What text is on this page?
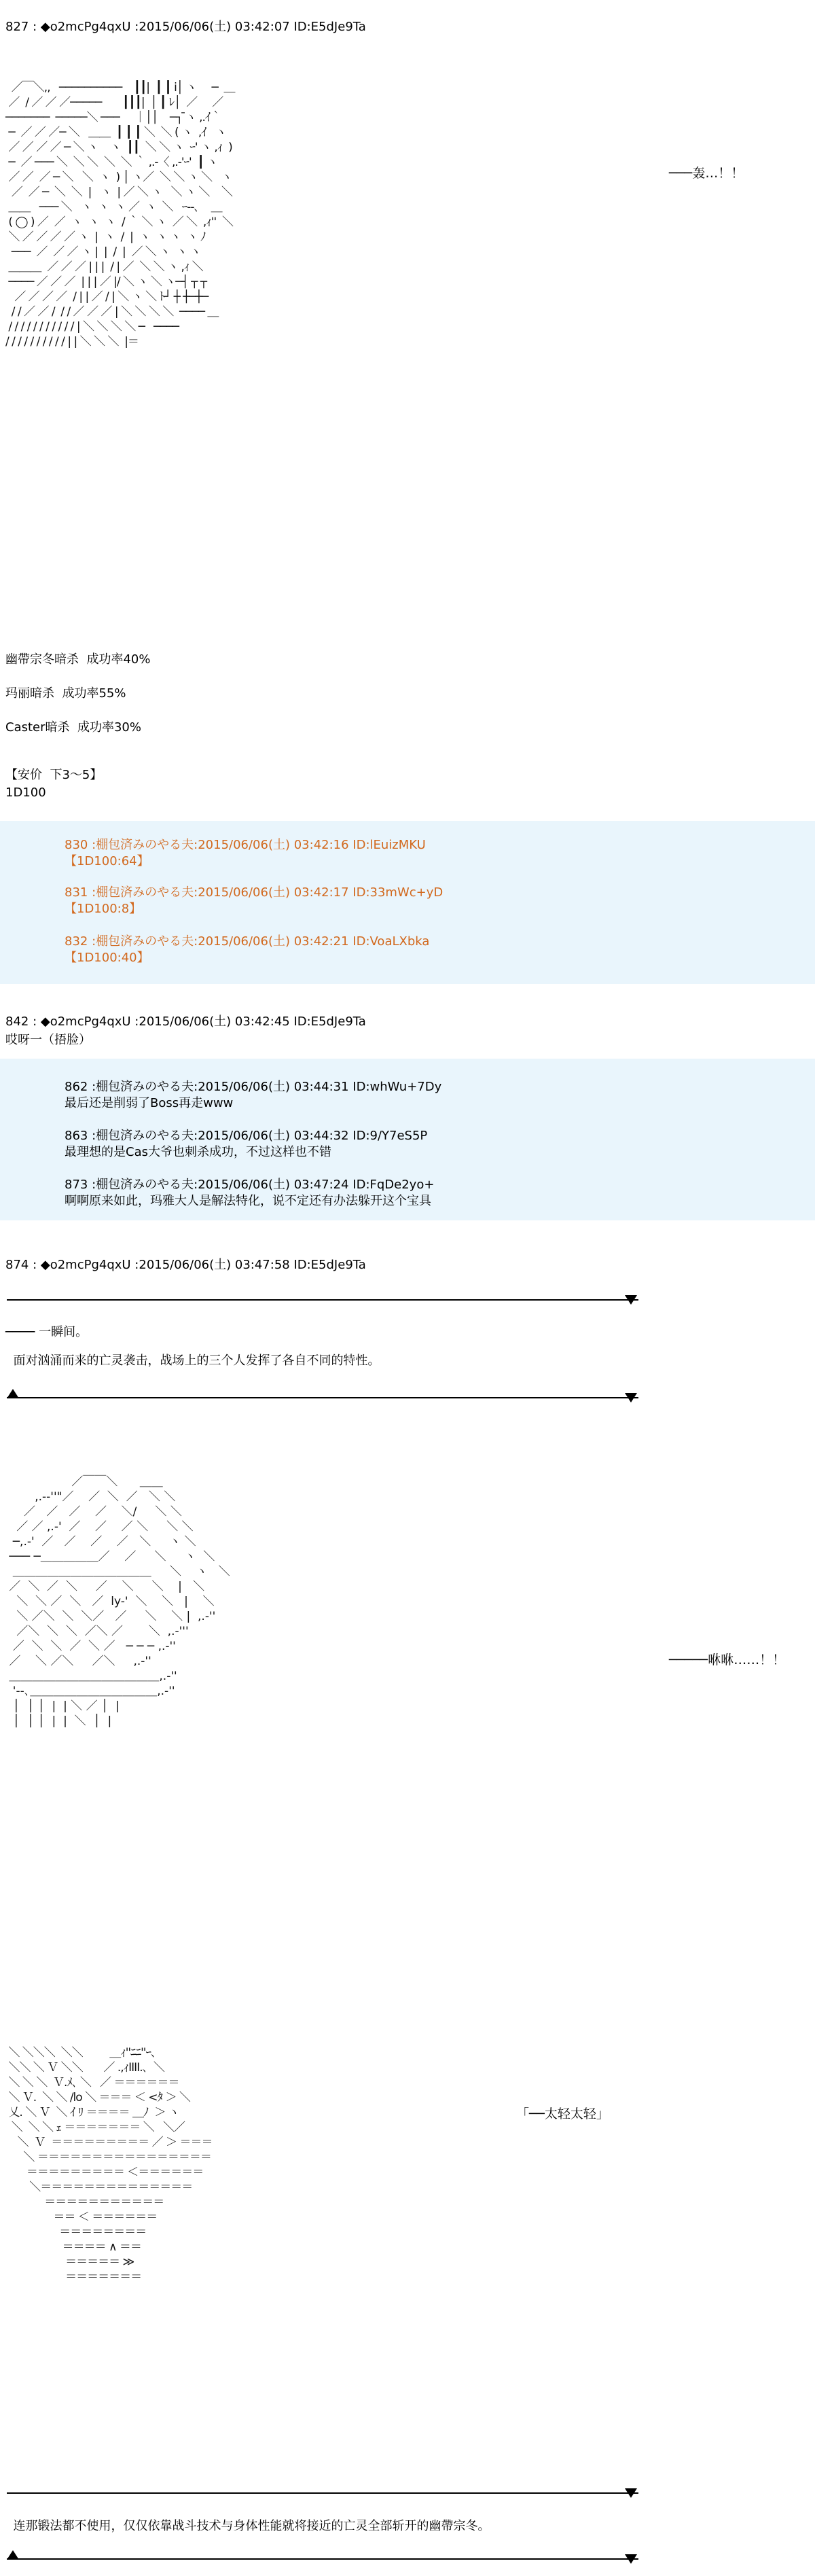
827 : ◆o2mcPg4qxU :2015/06/06(土) 03:42:07 ID:E5dJe9Ta
／￣＼,,   ──────────    ┃┃|  ┃ ┃ i│ ヽ     ─  ＿
／  / ／ ／ ／─────       ┃┃┃|  │ ┃ ﾚ│  ／     ／
───────  ─────＼ ───     ｜││    ─┐ ̄ヽ ,.ｲ｀
─  ／ ／ ／─ ＼   ＿＿  ┃ ┃ ┃ ＼  ＼ ( ヽ  ,ｲ   ヽ
／ ／ ／ ／ ─ ＼ ヽ    ヽ  ┃┃  ＼ ＼ ヽ  ｰ' ヽ ,ｨ  )
─  ／ ─── ＼  ＼ ＼  ＼  ＼ ｀ ,.-〈 ,.-'ｰ'  ┃ ヽ
／ ／  ／ ─ ＼   ＼  ヽ  ) │ ヽ／  ＼ ＼ ヽ ＼   ヽ
／  ／ ─  ＼  ＼  |   ヽ  | ／ ＼ ヽ   ＼ ヽ ＼    ＼
＿＿   ─── ＼   ヽ  ヽ  ヽ ／  ヽ  ＼   ｰ‐-､    ＿
( ◯ ) ／  ／  ヽ  ヽ  ヽ  / ｀ ＼ ヽ  ／ ＼  ,ｨ''  ＼
＼ ／ ／ ／ ／ ヽ  |  ヽ  /  |  ヽ  ヽ ヽ  ヽ ﾉ
───  ／  ／ ／ ヽ |  |  /  |  ／ ＼ ヽ  ヽ ヽ
＿＿＿  ／ ／ ／ | | |  / | ／  ＼ ＼ ヽ ,ｨ ＼
──── ／ ／ ／  | | | ／ |/ ＼ ヽ ＼ ヽ─┤ ┬ ┬
／ ／ ／ ／  / | | ／ / | ＼ ヽ ＼ ﾄ┘ ┼ ┼─┼─
/ / ／ ／ /  / / ／ ／ ／ | ＼ ＼ ＼ ＼  ──── ＿
/ / / / / / / / / / / | ＼ ＼ ＼ ＼ ─   ────
/ / / / / / / / / / | | ＼ ＼ ＼  |＝
───轰…！！
幽帶宗冬暗杀  成功率40%
玛丽暗杀  成功率55%
Caster暗杀  成功率30%
【安价  下3～5】
1D100
830 :棚包済みのやる夫:2015/06/06(土) 03:42:16 ID:lEuizMKU
【1D100:64】
831 :棚包済みのやる夫:2015/06/06(土) 03:42:17 ID:33mWc+yD
【1D100:8】
832 :棚包済みのやる夫:2015/06/06(土) 03:42:21 ID:VoaLXbka
【1D100:40】
842 : ◆o2mcPg4qxU :2015/06/06(土) 03:42:45 ID:E5dJe9Ta
哎呀一（捂脸）
862 :棚包済みのやる夫:2015/06/06(土) 03:44:31 ID:whWu+7Dy
最后还是削弱了Boss再走www
863 :棚包済みのやる夫:2015/06/06(土) 03:44:32 ID:9/Y7eS5P
最理想的是Cas大爷也刺杀成功，不过这样也不错
873 :棚包済みのやる夫:2015/06/06(土) 03:47:24 ID:FqDe2yo+
啊啊原来如此，玛雅大人是解法特化，说不定还有办法躲开这个宝具
874 : ◆o2mcPg4qxU :2015/06/06(土) 03:47:58 ID:E5dJe9Ta
──── 一瞬间。
面对汹涌而来的亡灵袭击，战场上的三个人发挥了各自不同的特性。
／￣￣＼      ＿＿
,.-‐''"／    ／  ＼  ／   ＼ ＼
／   ／   ／    ／    ＼/     ＼ ＼
／ ／ ,.-'  ／    ／    ／ ＼     ＼ ＼
─,.-'  ／   ／    ／    ／   ＼     ヽ ＼
─── ─＿＿＿＿＿／    ／     ＼     ヽ  ＼
＿＿＿＿＿＿＿＿＿＿＿＿     ＼    ヽ   ＼
／  ＼  ／  ＼     ／    ＼     ＼    |   ＼
＼  ＼ ／  ＼   ／  ly-'  ＼    ＼   |    ＼
＼ ／＼  ＼  ＼／   ／     ＼    ＼ |  ,.-''
／＼  ＼  ＼  ／＼ ／       ＼  ,.-'''
／  ＼  ＼  ／  ＼ ／   ─ ─ ─ ,.-''
／    ＼ ／＼     ／＼     ,.-''
＿＿＿＿＿＿＿＿＿＿＿＿＿,.-''
'‐-､＿＿＿＿＿＿＿＿＿＿＿,.-''
│  │ │  |  | ＼ ／ │  |
│  │ │  |  |  ＼  │  |
─────咻咻……！！
＼ ＼＼＼  ＼＼         ＿ｨ''ﾆﾆ''ｰ､
＼＼ ＼ Ｖ ＼＼       ／ .,ｨIIII.､  ＼
＼ ＼ ＼  Ｖ.ﾒ､ ＼   ／ ＝＝＝＝＝＝
＼ Ｖ.  ＼ ＼ /lo ＼ ＝＝＝ ＜ <ﾀ ＞ ＼
乂. ＼ Ｖ  ＼ ｲ ﾘ ＝＝＝＝ ＿ﾉ  ＞ ヽ
＼  ＼ ＼ ｪ ＝＝＝＝＝＝＝ ＼   ＼／
＼  Ｖ  ＝＝＝＝＝＝＝＝＝ ／ ＞ ＝＝＝
＼ ＝＝＝＝＝＝＝＝＝＝＝＝＝＝＝＝
＝＝＝＝＝＝＝＝＝ ＜＝＝＝＝＝＝
＼＝＝＝＝＝＝＝＝＝＝＝＝＝＝
＝＝＝＝＝＝＝＝＝＝＝
＝＝ ＜ ＝＝＝＝＝＝
＝＝＝＝＝＝＝＝
＝＝＝＝ ∧ ＝＝
＝＝＝＝＝ ≫
＝＝＝＝＝＝＝
「──太轻太轻」
连那锻法都不使用，仅仅依靠战斗技术与身体性能就将接近的亡灵全部斩开的幽帶宗冬。
